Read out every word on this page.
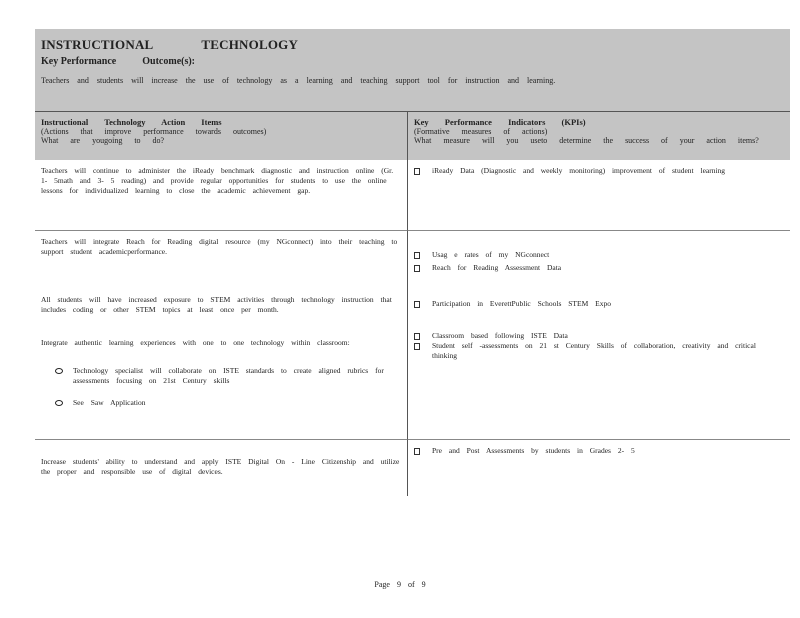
INSTRUCTIONAL	TECHNOLOGY
Key Performance	Outcome(s):
Teachers and students will increase the use of technology as a learning and teaching support tool for instruction and learning.
Instructional Technology Action Items
(Actions that improve performance towards outcomes)
What are yougoing to do?
Key Performance Indicators (KPIs)
(Formative measures of actions)
What measure will you useto determine the success of your action items?

Teachers will continue to administer the iReady benchmark diagnostic and instruction online (Gr. 1- 5math and 3- 5 reading) and provide regular opportunities for students to use the online lessons for individualized learning to close the academic achievement gap.

iReady Data (Diagnostic and weekly monitoring) improvement of student learning

Teachers will integrate Reach for Reading digital resource (my NGconnect) into their teaching to support student academicperformance.

All students will have increased exposure to STEM activities through technology instruction that includes coding or other STEM topics at least once per month.

Integrate authentic learning experiences with one to one technology within classroom:

Technology specialist will collaborate on ISTE standards to create aligned rubrics for assessments focusing on 21st Century skills
See Saw Application
Usag e rates of my NGconnect
Reach for Reading Assessment Data
Participation in EverettPublic Schools STEM Expo
Classroom based following ISTE Data
Student self -assessments on 21 st Century Skills of collaboration, creativity and critical thinking

Increase students' ability to understand and apply ISTE Digital On - Line Citizenship and utilize the proper and responsible use of digital devices.

Pre and Post Assessments by students in Grades 2- 5
Page 9 of 9
